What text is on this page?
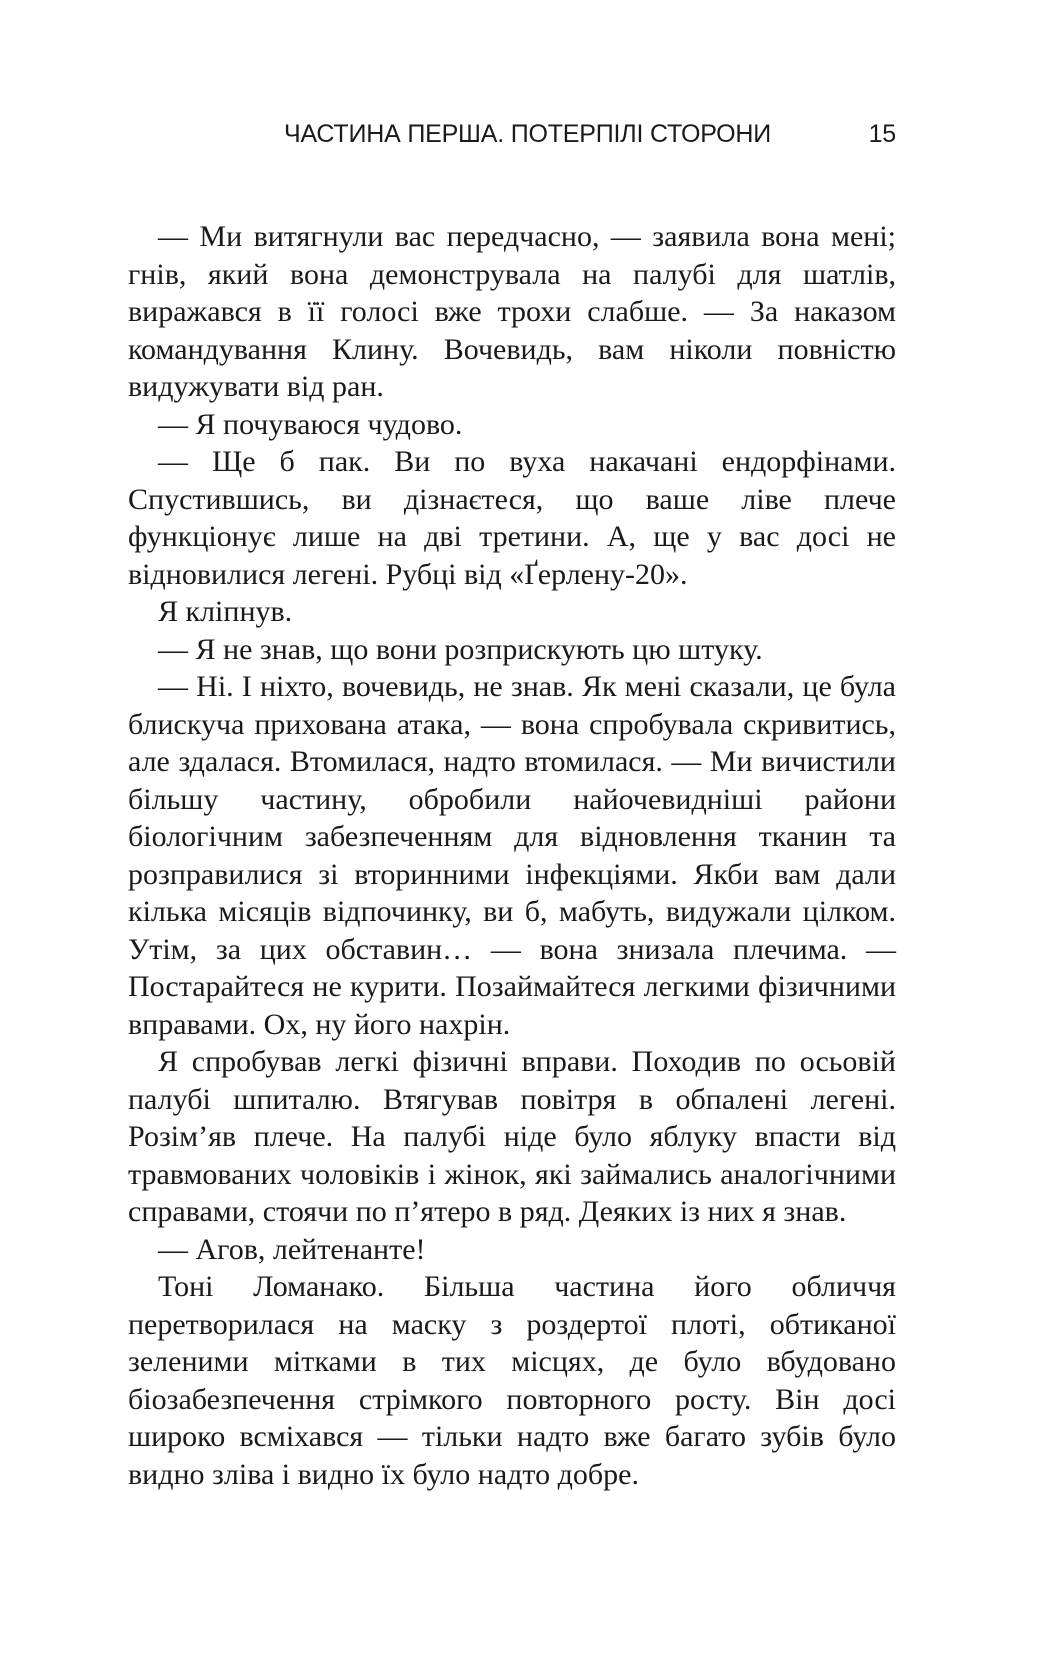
ЧАСТИНА ПЕРША. ПОТЕРПІЛІ СТОРОНИ	15

— Ми витягнули вас передчасно, — заявила вона мені; гнів, який вона демонструвала на палубі для шатлів, виражався в її голосі вже трохи слабше. — За наказом командування Клину. Вочевидь, вам ніколи повністю видужувати від ран.

— Я почуваюся чудово.

— Ще б пак. Ви по вуха накачані ендорфінами. Спустившись, ви дізнаєтеся, що ваше ліве плече функціонує лише на дві третини. А, ще у вас досі не відновилися легені. Рубці від «Ґерлену-20».

Я кліпнув.

— Я не знав, що вони розприскують цю штуку.

— Ні. І ніхто, вочевидь, не знав. Як мені сказали, це була блискуча прихована атака, — вона спробувала скривитись, але здалася. Втомилася, надто втомилася. — Ми вичистили більшу частину, обробили найочевидніші райони біологічним забезпеченням для відновлення тканин та розправилися зі вторинними інфекціями. Якби вам дали кілька місяців відпочинку, ви б, мабуть, видужали цілком. Утім, за цих обставин… — вона знизала плечима. — Постарайтеся не курити. Позаймайтеся легкими фізичними вправами. Ох, ну його нахрін.

Я спробував легкі фізичні вправи. Походив по осьовій палубі шпиталю. Втягував повітря в обпалені легені. Розім’яв плече. На палубі ніде було яблуку впасти від травмованих чоловіків і жінок, які займались аналогічними справами, стоячи по п’ятеро в ряд. Деяких із них я знав.

— Агов, лейтенанте!

Тоні Ломанако. Більша частина його обличчя перетворилася на маску з роздертої плоті, обтиканої зеленими мітками в тих місцях, де було вбудовано біозабезпечення стрімкого повторного росту. Він досі широко всміхався — тільки надто вже багато зубів було видно зліва і видно їх було надто добре.
